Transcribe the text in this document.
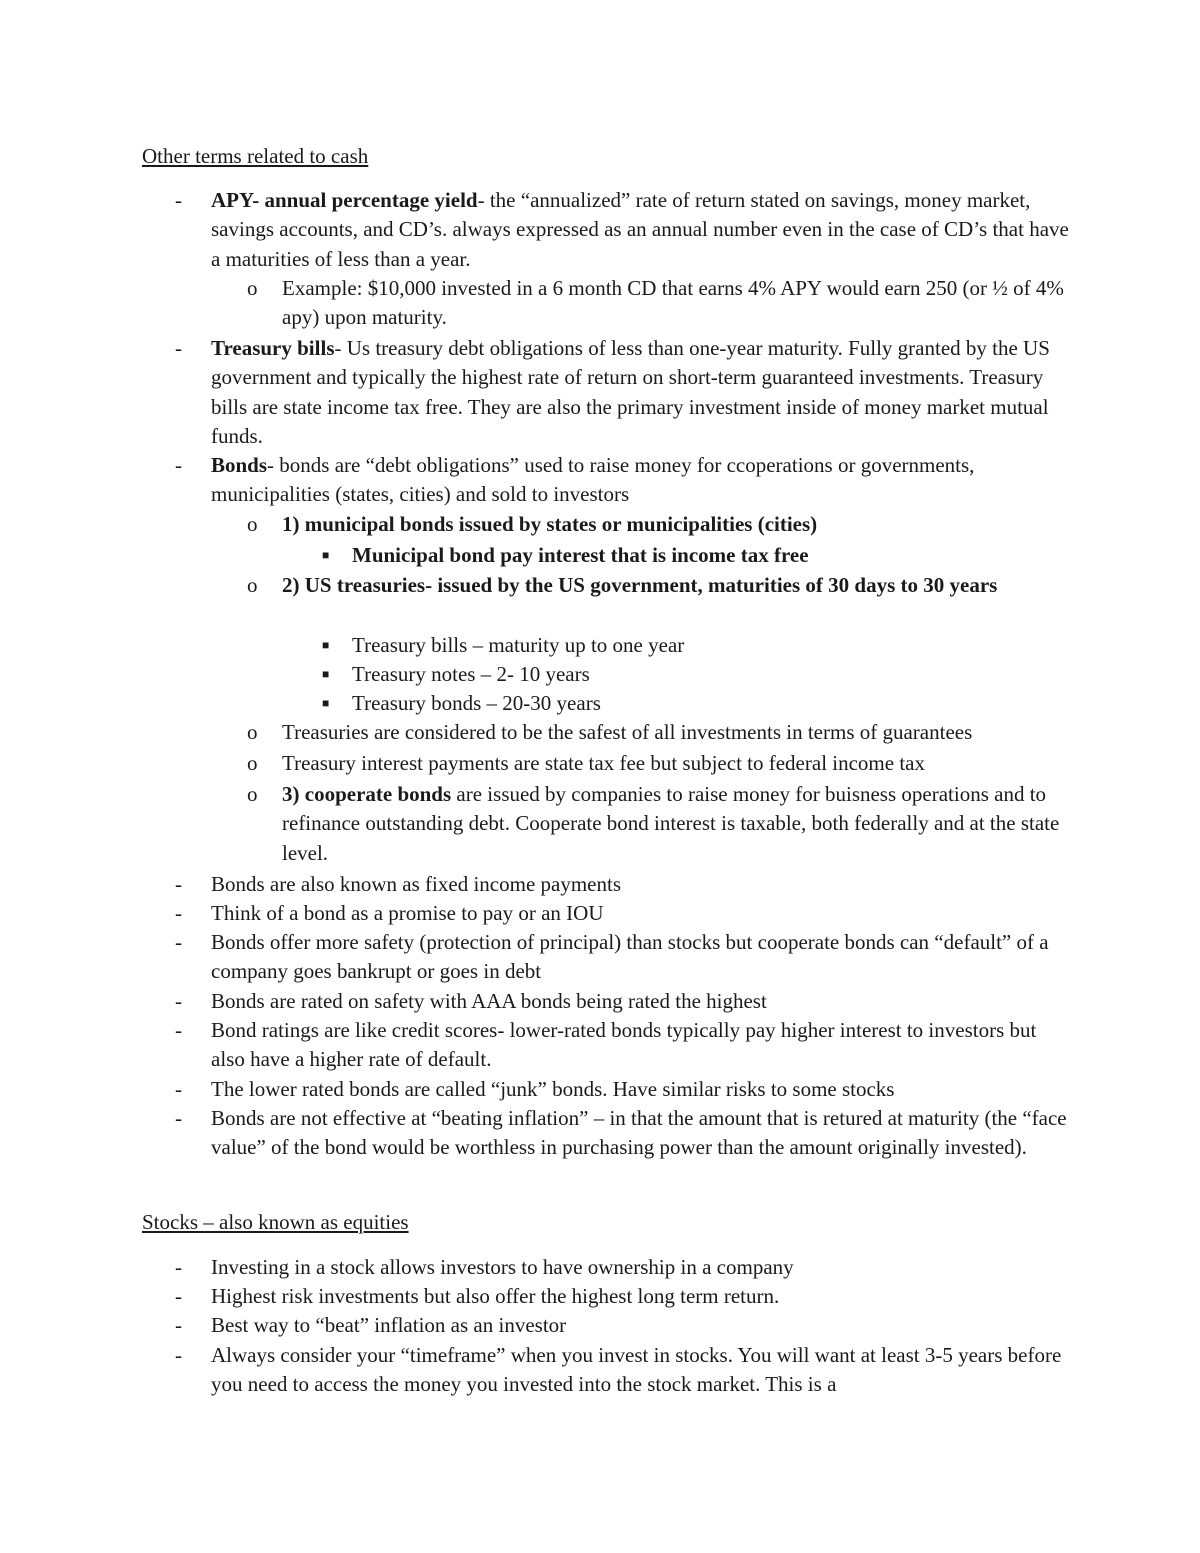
Other terms related to cash
- APY- annual percentage yield- the “annualized” rate of return stated on savings, money market, savings accounts, and CD’s. always expressed as an annual number even in the case of CD’s that have a maturities of less than a year.
o Example: $10,000 invested in a 6 month CD that earns 4% APY would earn 250 (or ½ of 4% apy) upon maturity.
- Treasury bills- Us treasury debt obligations of less than one-year maturity. Fully granted by the US government and typically the highest rate of return on short-term guaranteed investments. Treasury bills are state income tax free. They are also the primary investment inside of money market mutual funds.
- Bonds- bonds are “debt obligations” used to raise money for ccoperations or governments, municipalities (states, cities) and sold to investors
o 1) municipal bonds issued by states or municipalities (cities)
■ Municipal bond pay interest that is income tax free
o 2) US treasuries- issued by the US government, maturities of 30 days to 30 years
■ Treasury bills – maturity up to one year
■ Treasury notes – 2- 10 years
■ Treasury bonds – 20-30 years
o Treasuries are considered to be the safest of all investments in terms of guarantees
o Treasury interest payments are state tax fee but subject to federal income tax
o 3) cooperate bonds are issued by companies to raise money for buisness operations and to refinance outstanding debt. Cooperate bond interest is taxable, both federally and at the state level.
- Bonds are also known as fixed income payments
- Think of a bond as a promise to pay or an IOU
- Bonds offer more safety (protection of principal) than stocks but cooperate bonds can “default” of a company goes bankrupt or goes in debt
- Bonds are rated on safety with AAA bonds being rated the highest
- Bond ratings are like credit scores- lower-rated bonds typically pay higher interest to investors but also have a higher rate of default.
- The lower rated bonds are called “junk” bonds. Have similar risks to some stocks
- Bonds are not effective at “beating inflation” – in that the amount that is retured at maturity (the “face value” of the bond would be worthless in purchasing power than the amount originally invested).
Stocks – also known as equities
- Investing in a stock allows investors to have ownership in a company
- Highest risk investments but also offer the highest long term return.
- Best way to “beat” inflation as an investor
- Always consider your “timeframe” when you invest in stocks. You will want at least 3-5 years before you need to access the money you invested into the stock market. This is a
